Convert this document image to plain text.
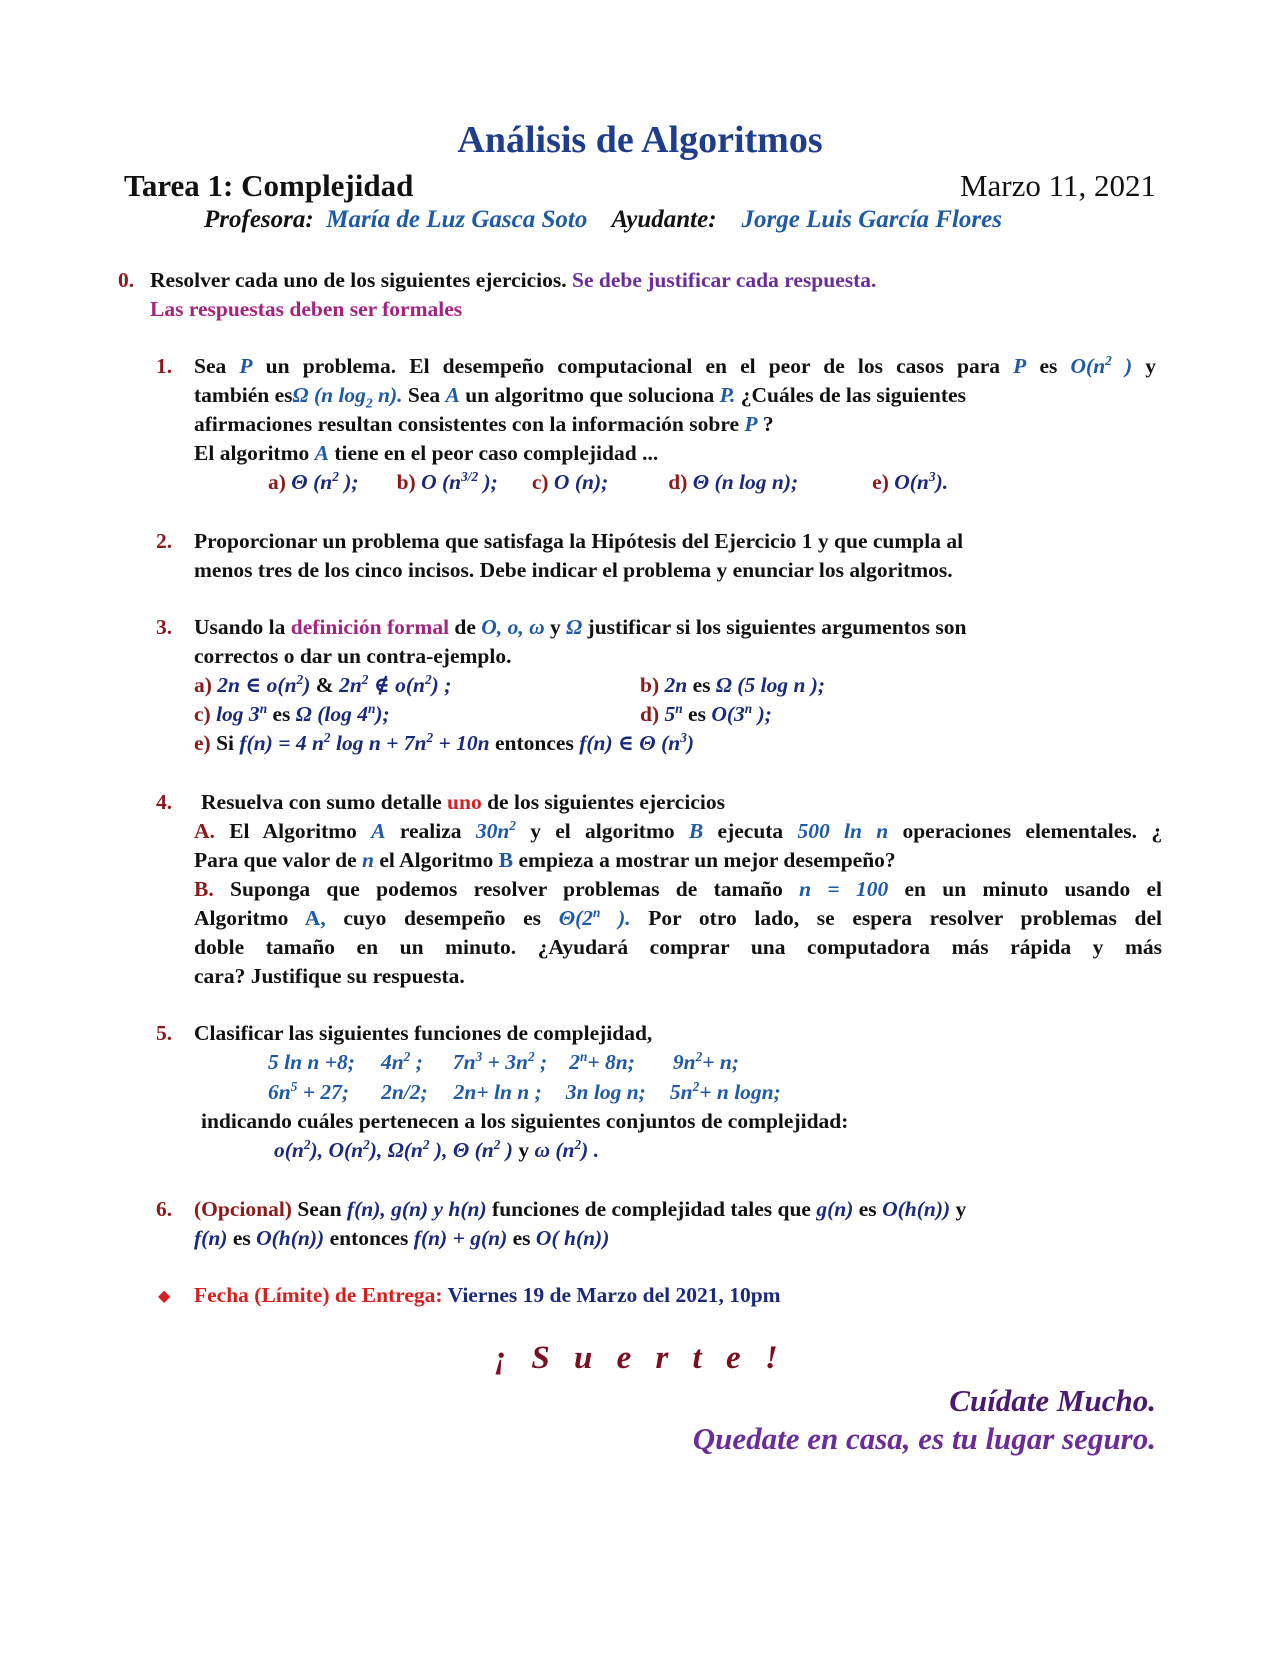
Análisis de Algoritmos
Tarea 1: Complejidad	Marzo 11, 2021
Profesora: María de Luz Gasca Soto Ayudante: Jorge Luis García Flores
0. Resolver cada uno de los siguientes ejercicios. Se debe justificar cada respuesta.
Las respuestas deben ser formales
1. Sea P un problema. El desempeño computacional en el peor de los casos para P es $O(n^2$ ) y
también esΩ (n $\log_2 n$). Sea A un algoritmo que soluciona P. ¿Cuáles de las siguientes
afirmaciones resultan consistentes con la información sobre P ?
El algoritmo A tiene en el peor caso complejidad ...
a) Θ ($n^2$ ); b) O ($n^{3/2}$ ); c) O (n);	d) Θ (n log n);	e) $O(n^3)$.
2. Proporcionar un problema que satisfaga la Hipótesis del Ejercicio 1 y que cumpla al
menos tres de los cinco incisos. Debe indicar el problema y enunciar los algoritmos.
3. Usando la definición formal de O, o, ω y Ω justificar si los siguientes argumentos son
correctos o dar un contra-ejemplo.
a) 2n ∈ $o(n^2)$ & $2n^2$ ∉ $o(n^2)$ ;	b) 2n es Ω (5 log n );
c) log 3$^n$ es Ω (log 4$^n$);	d) 5$^n$ es O(3$^n$ );
e) Si f(n) = 4 $n^2$ $\log n + 7n^2 + 10n$ entonces f(n) ∈ Θ $(n^3)$
4. Resuelva con sumo detalle uno de los siguientes ejercicios
A. El Algoritmo A realiza $30n^2$ y el algoritmo B ejecuta 500 ln n operaciones elementales. ¿
Para que valor de n el Algoritmo B empieza a mostrar un mejor desempeño?
B. Suponga que podemos resolver problemas de tamaño n = 100 en un minuto usando el
Algoritmo A, cuyo desempeño es Θ(2$^n$ ). Por otro lado, se espera resolver problemas del
doble tamaño en un minuto. ¿Ayudará comprar una computadora más rápida y más
cara? Justifique su respuesta.
5. Clasificar las siguientes funciones de complejidad,
5 ln n +8; $4n^2$ ; $7n^3 + 3n^2$ ; $2^n+ 8n$; $9n^2+ n$;
$6n^5 + 27$; 2n/2; 2n+ ln n ; 3n log n; $5n^2+ n$ logn;
indicando cuáles pertenecen a los siguientes conjuntos de complejidad:
$o(n^2)$, $O(n^2)$, $\Omega(n^2$ ), Θ ($n^2$ ) y ω $(n^2)$ .
6. (Opcional) Sean f(n), g(n) y h(n) funciones de complejidad tales que g(n) es O(h(n)) y
f(n) es O(h(n)) entonces f(n) + g(n) es O( h(n))
◆ Fecha (Límite) de Entrega: Viernes 19 de Marzo del 2021, 10pm
¡ S u e r t e !
Cuídate Mucho.
Quedate en casa, es tu lugar seguro.
